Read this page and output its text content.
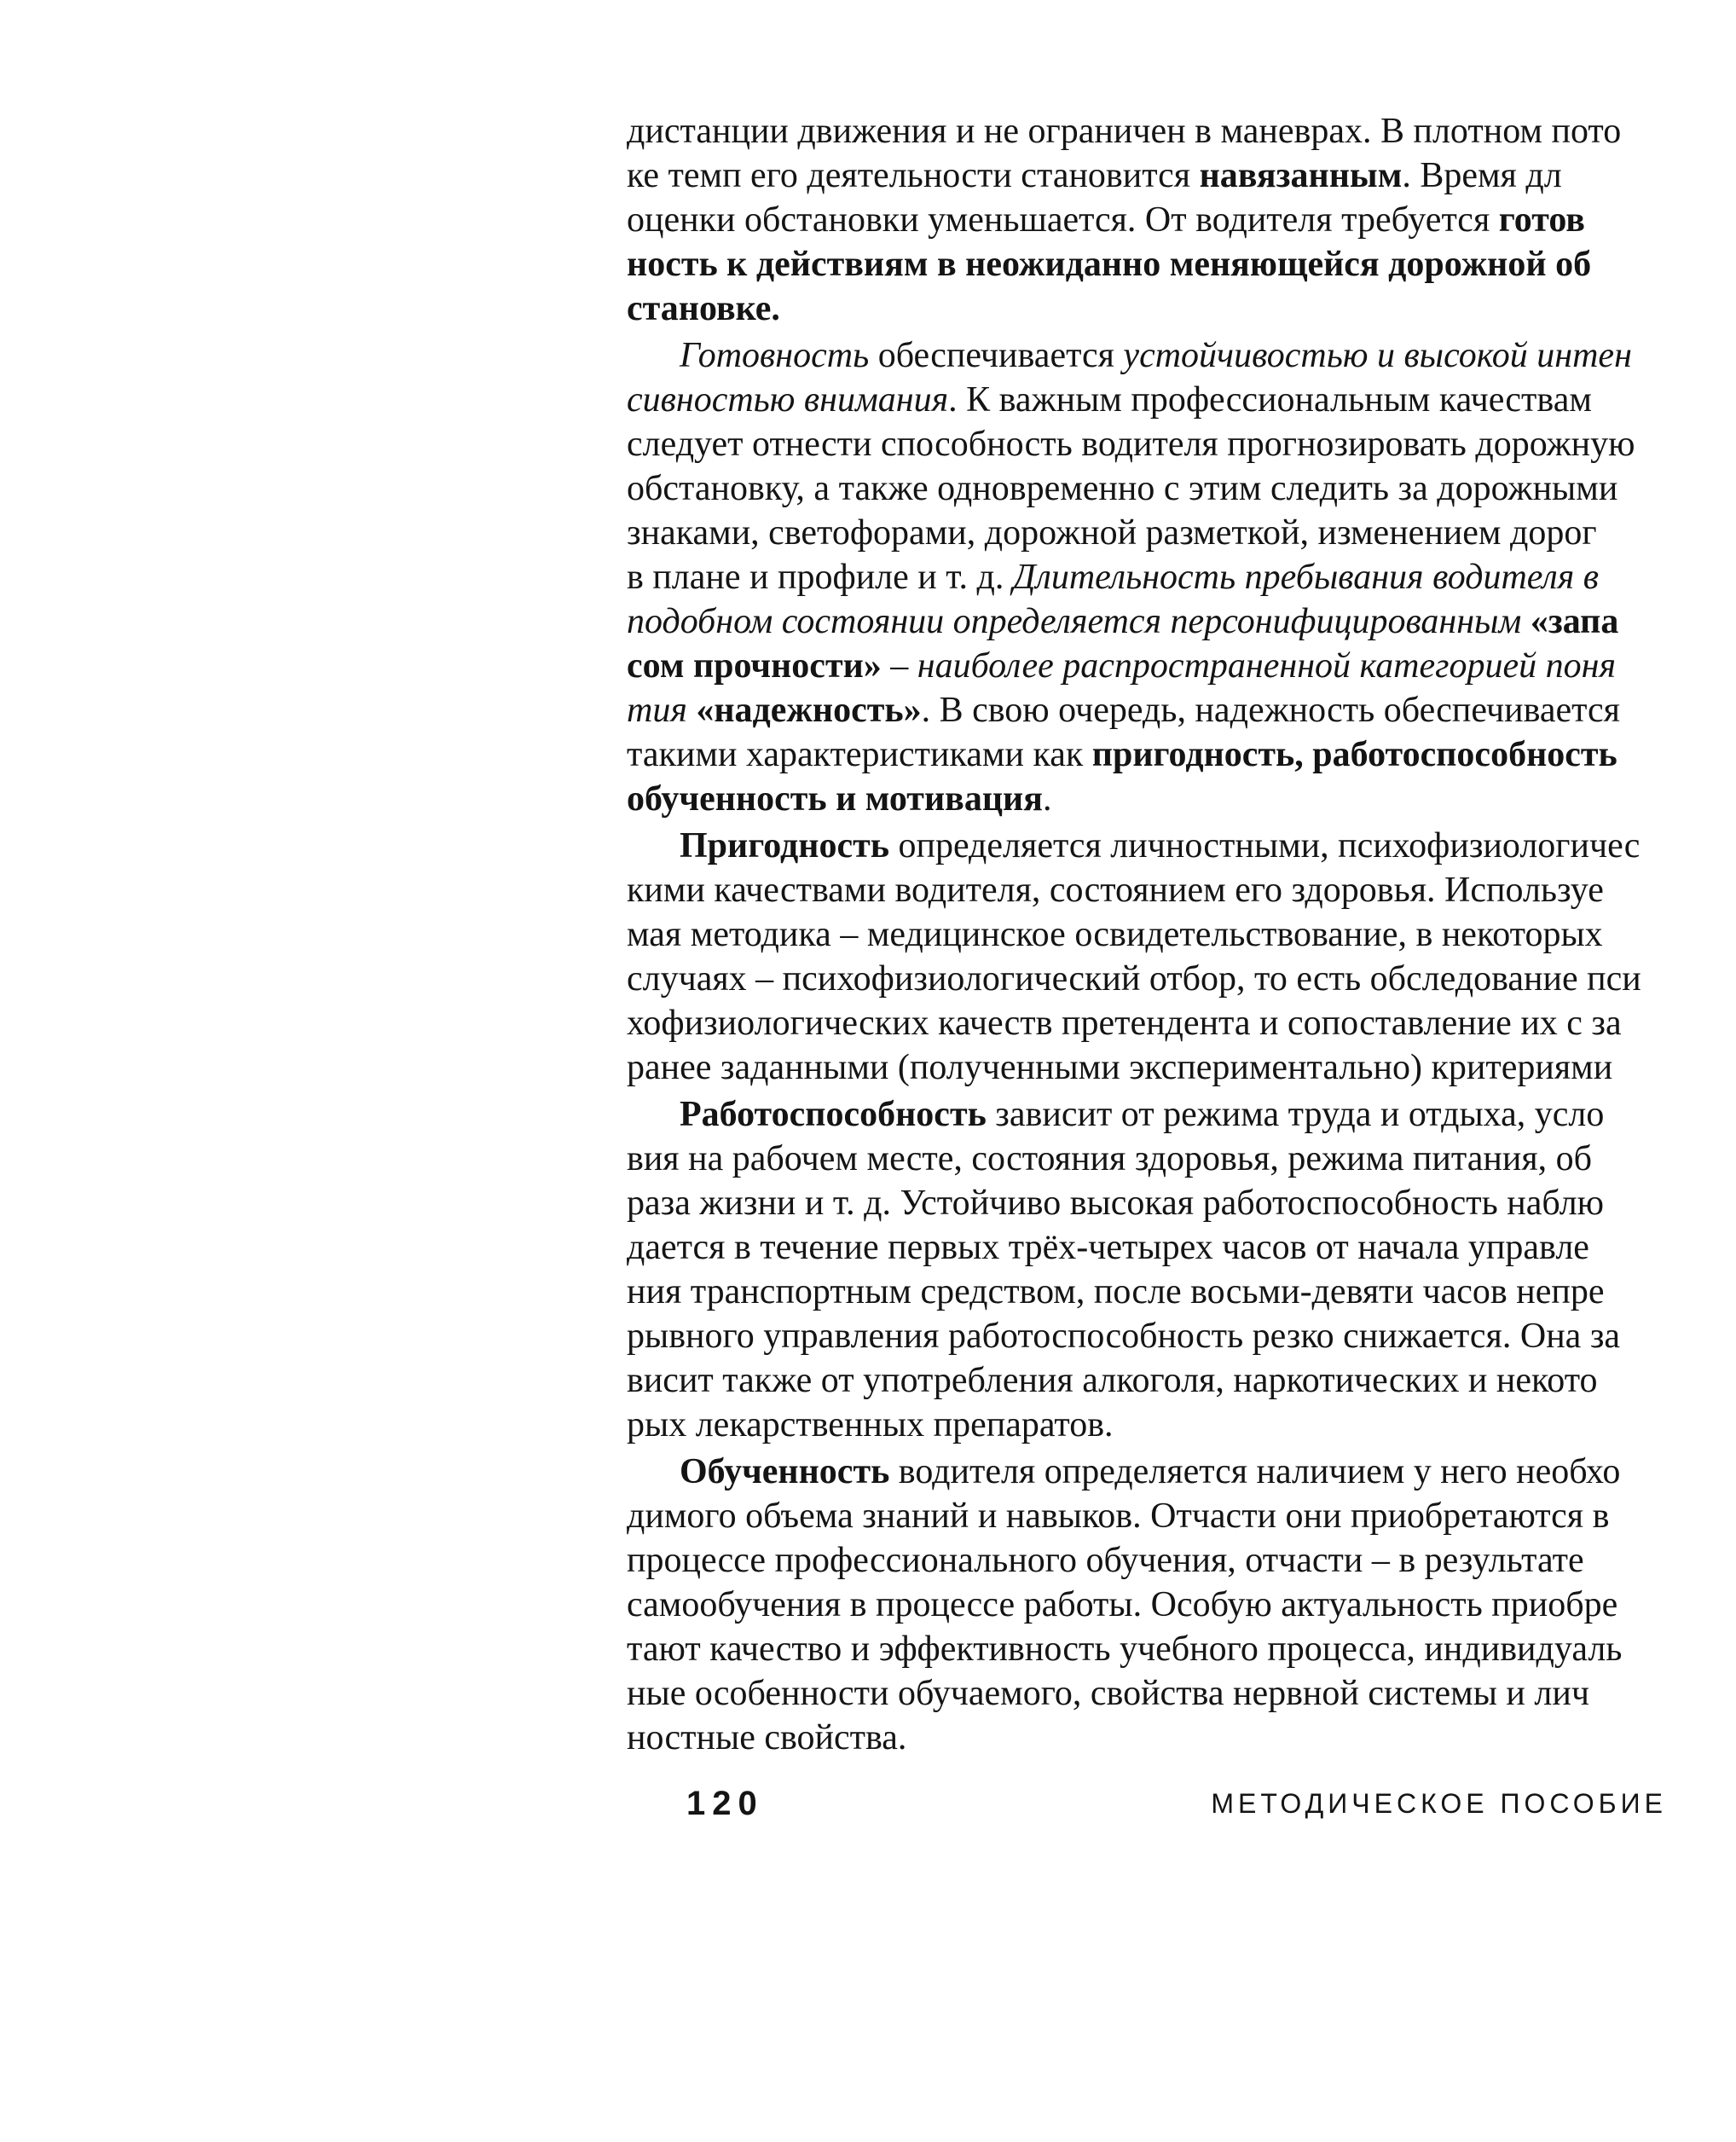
дистанции движения и не ограничен в маневрах. В плотном пото
ке темп его деятельности становится навязанным. Время дл
оценки обстановки уменьшается. От водителя требуется готов
ность к действиям в неожиданно меняющейся дорожной об
становке.
Готовность обеспечивается устойчивостью и высокой интен
сивностью внимания. К важным профессиональным качествам
следует отнести способность водителя прогнозировать дорожную
обстановку, а также одновременно с этим следить за дорожными
знаками, светофорами, дорожной разметкой, изменением дорог
в плане и профиле и т. д. Длительность пребывания водителя в
подобном состоянии определяется персонифицированным «запа
сом прочности» – наиболее распространенной категорией поня
тия «надежность». В свою очередь, надежность обеспечивается
такими характеристиками как пригодность, работоспособность
обученность и мотивация.
Пригодность определяется личностными, психофизиологичес
кими качествами водителя, состоянием его здоровья. Используе
мая методика – медицинское освидетельствование, в некоторых
случаях – психофизиологический отбор, то есть обследование пси
хофизиологических качеств претендента и сопоставление их с за
ранее заданными (полученными экспериментально) критериями
Работоспособность зависит от режима труда и отдыха, усло
вия на рабочем месте, состояния здоровья, режима питания, об
раза жизни и т. д. Устойчиво высокая работоспособность наблю
дается в течение первых трёх-четырех часов от начала управле
ния транспортным средством, после восьми-девяти часов непре
рывного управления работоспособность резко снижается. Она за
висит также от употребления алкоголя, наркотических и некото
рых лекарственных препаратов.
Обученность водителя определяется наличием у него необхо
димого объема знаний и навыков. Отчасти они приобретаются в
процессе профессионального обучения, отчасти – в результате
самообучения в процессе работы. Особую актуальность приобре
тают качество и эффективность учебного процесса, индивидуаль
ные особенности обучаемого, свойства нервной системы и лич
ностные свойства.
120	МЕТОДИЧЕСКОЕ ПОСОБИЕ
